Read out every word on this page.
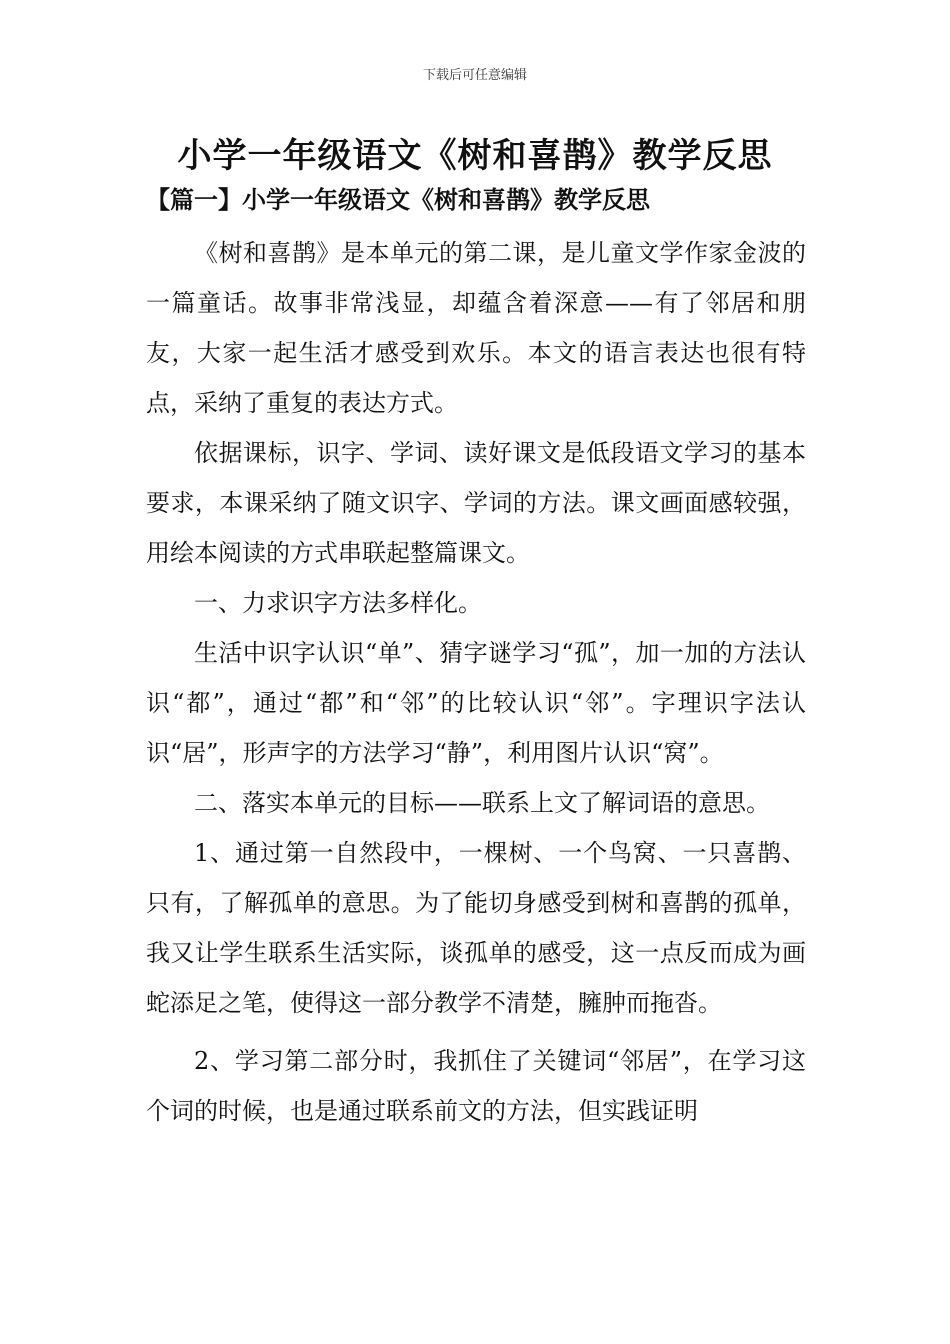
下载后可任意编辑
小学一年级语文《树和喜鹊》教学反思
【篇一】小学一年级语文《树和喜鹊》教学反思

《树和喜鹊》是本单元的第二课，是儿童文学作家金波的一篇童话。故事非常浅显，却蕴含着深意——有了邻居和朋友，大家一起生活才感受到欢乐。本文的语言表达也很有特点，采纳了重复的表达方式。

依据课标，识字、学词、读好课文是低段语文学习的基本要求，本课采纳了随文识字、学词的方法。课文画面感较强，用绘本阅读的方式串联起整篇课文。

一、力求识字方法多样化。

生活中识字认识“单”、猜字谜学习“孤”，加一加的方法认识“都”，通过“都”和“邻”的比较认识“邻”。字理识字法认识“居”，形声字的方法学习“静”，利用图片认识“窝”。

二、落实本单元的目标——联系上文了解词语的意思。

1、通过第一自然段中，一棵树、一个鸟窝、一只喜鹊、只有，了解孤单的意思。为了能切身感受到树和喜鹊的孤单，我又让学生联系生活实际，谈孤单的感受，这一点反而成为画蛇添足之笔，使得这一部分教学不清楚，臃肿而拖沓。

2、学习第二部分时，我抓住了关键词“邻居”，在学习这个词的时候，也是通过联系前文的方法，但实践证明
